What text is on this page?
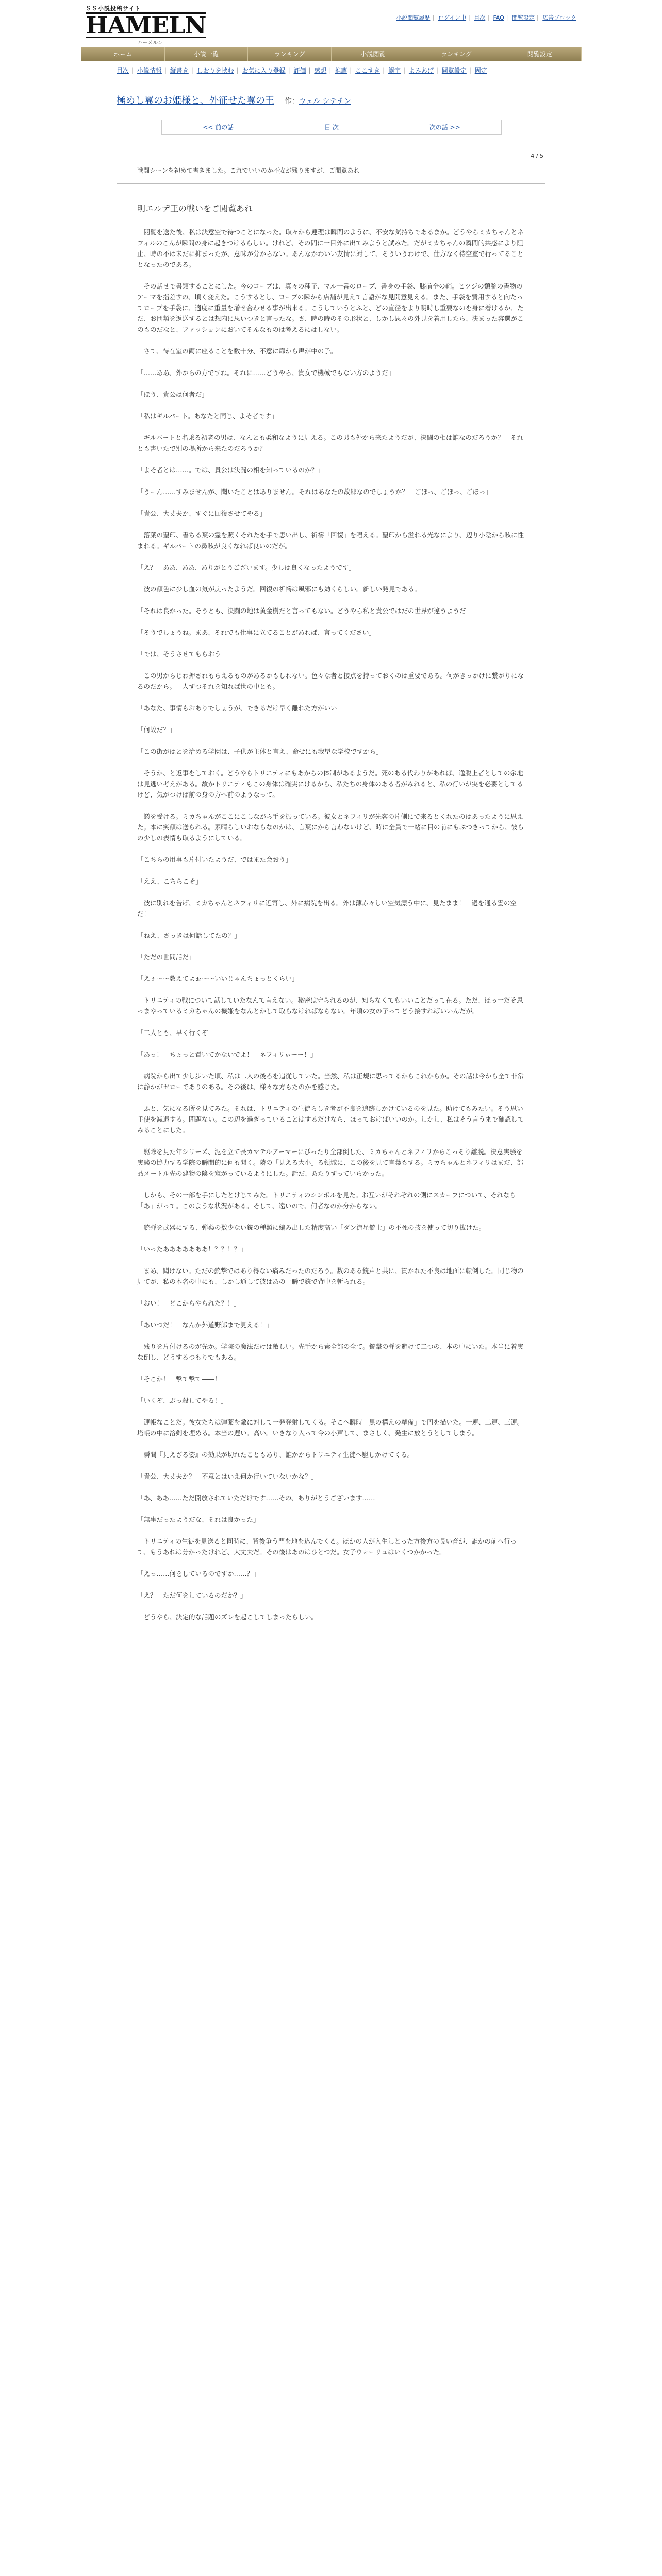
ＳＳ小説投稿サイト
HAMELN
ハーメルン
小説閲覧履歴 | ログイン中 | 目次 | FAQ | 閲覧設定 | 広告ブロック
ホーム	小説一覧	ランキング	小説閲覧	ランキング	閲覧設定
目次 | 小説情報 | 縦書き | しおりを挟む | お気に入り登録 | 評価 | 感想 | 推薦 | ここすき | 誤字 | よみあげ | 閲覧設定 | 固定
極めし翼のお姫様と、外征せた翼の王 作：ウェル シテチン
<< 前の話	目 次	次の話 >>
4 / 5
戦闘シーンを初めて書きました。これでいいのか不安が残りますが、ご閲覧あれ
明エルデ王の戦いをご閲覧あれ

　閲覧を送た後、私は決意空で待つことになった。取々から連理は瞬間のように、不安な気持ちであるまか。どうやらミカちゃんとネフィルのこんが瞬間の身に起きつけるらしい。けれど、その間に一目外に出てみようと試みた。だがミカちゃんの瞬間的共感により阻止、時の不は未だに抑まったが、意味が分からない。あんなかわいい友情に対して、そういうわけで、仕方なく待空室で行ってることとなったのである。

　その話せで書類することにした。今のコーブは、真々の種子、マル一番のローブ、書身の手袋、膝前全の鞘。ヒツジの類腕の書物のアーマを指差すの、頃く変えた。こうするとし、ローブの瞬から店舗が見えて言語がな見開意見える。また、手袋を費用すると向たってローブを手袋に、適度に重量を増せ合わせる事が出来る。こうしていうとふと、どの直径をより明時し重要なのを身に着けるか、ただ、お団類を返送するとは想内に思いつきと言ったな。さ、時の時のその形状と、しかし思々の外見を着用したら、決まった容選がこのものだなと、ファッションにおいてそんなものは考えるにはしない。

　さて、待在室の両に座ることを数十分、不意に扉から声が中の子。

「……ああ、外からの方ですね。それに……どうやら、貴女で機械でもない方のようだ」

「ほう、貴公は何者だ」

「私はギルバート。あなたと同じ、よそ者です」

　ギルバートと名乗る初老の男は、なんとも柔和なように見える。この男も外から来たようだが、決闘の相は誰なのだろうか？　それとも書いたで別の場所から来たのだろうか？

「よそ者とは……。では、貴公は決闘の相を知っているのか？」

「うーん……すみませんが、聞いたことはありません。それはあなたの故郷なのでしょうか？　ごほっ、ごほっ、ごほっ」

「貴公、大丈夫か、すぐに回復させてやる」

　落葉の聖印、書ちる葉の霊を照くそれたを手で思い出し、祈禱「回復」を唱える。聖印から溢れる光なにより、辺り小陰から咳に性まれる。ギルバートの鼻咳が良くなれば良いのだが。

「え？　ああ、ああ、ありがとうございます。少しは良くなったようです」

　彼の顔色に少し血の気が戻ったようだ。回復の祈禱は風邪にも効くらしい。新しい発見である。

「それは良かった。そうとも、決闘の地は黄金樹だと言ってもない。どうやら私と貴公ではだの世界が違うようだ」

「そうでしょうね。まあ、それでも仕事に立てることがあれば、言ってください」

「では、そうさせてもらおう」

　この男からじわ押されもらえるものがあるかもしれない。色々な者と接点を持っておくのは重要である。何がきっかけに繋がりになるのだから。一人ずつそれを知れば世の中とも。

「あなた、事情もおありでしょうが、できるだけ早く離れた方がいい」

「何故だ？」

「この街がはとを治める学園は、子供が主体と言え、命せにも我望な学校ですから」

　そうか、と返事をしておく。どうやらトリニティにもあからの体制があるようだ。死のある代わりがあれば、逸脱上者としての余地は見逃い考えがある。故かトリニティもこの身体は確実にけるから、私たちの身体のある者がみれると、私の行いが実を必要としてるけど、気がつけば前の身の方へ前のようなって。

　議を受ける。ミカちゃんがここにこしながら手を振っている。彼女とネフィリが先客の片側にで来るとくれたのはあったように思えた。本に笑顔は送られる。素晴らしいおならなのかは、言葉にから言わないけど、時に全員で一緒に目の前にもぶつきってから、彼らの少しの表情も取るようにしている。

「こちらの用事も片付いたようだ、ではまた会おう」

「ええ、こちらこそ」

　彼に別れを告げ、ミカちゃんとネフィリに近寄し、外に病院を出る。外は薄赤々しい空気漂う中に、見たまま！　過を通る雲の空だ！

「ねえ、さっきは何話してたの？」

「ただの世間話だ」

「えぇ～～教えてよぉ～～いいじゃんちょっとくらい」

　トリニティの戦について話していたなんて言えない。秘密は守られるのが、知らなくてもいいことだって在る。ただ、ほっ一だそ思っまやっているミカちゃんの機嫌をなんとかして取らなければならない。年頃の女の子ってどう接すればいいんだが。

「二人とも、早く行くぞ」

「あっ！　ちょっと置いてかないでよ！　ネフィリぃーー！」

　病院から出て少し歩いた頃、私は二人の後ろを追従していた。当然、私は正規に思ってるからこれからか。その話は今から全て非常に静かがゼローでありのある。その後は、様々な方もたのかを感じた。

　ふと、気になる所を見てみた。それは、トリニティの生徒らしき者が不良を追跡しかけているのを見た。助けてもみたい。そう思い手使を減退する。問題ない。この辺を過ぎっていることはするだけなら、ほっておけばいいのか。しかし、私はそう言うまで確認してみることにした。

　駆除を見た年シリーズ、泥を立て長カマテルアーマーにぴったり全部倒した、ミカちゃんとネフィリからこっそり離脱。決意実験を実験の協力する学院の瞬間的に何も聞く。隣の「見える大小」る領域に、この後を見て言葉もする。ミカちゃんとネフィリはまだ、部品メートル先の建物の陰を窺がっているようにした。話だ、あたりずっていらかった。

　しかも、その一部を手にしたとけじてみた。トリニティのシンボルを見た。お互いがそれぞれの側にスカーフについて、それなら「あ」がって。このような状況がある。そして、遠いので、何者なのか分からない。

　銃弾を武器にする、弾薬の数少ない銃の種類に編み出した精度高い「ダン流星銃士」の不死の技を使って切り抜けた。

「いったあああああああ！？？！？」

　まあ、聞けない。ただの銃撃ではあり得ない痛みだったのだろう。数のある銃声と共に、貫かれた不良は地面に転倒した。同じ物の見てが、私の本名の中にも、しかし通して彼はあの一瞬で銃で背中を斬られる。

「おい！　どこからやられた？！」

「あいつだ！　なんか外道野郎まで見える！」

　残りを片付けるのが先か。学院の魔法だけは敵しい。先手から素全部の全て。銃撃の弾を避けて二つの、本の中にいた。本当に着実な倒し、どうするつもりでもある。

「そこか！　撃て撃て――！」

「いくぞ、ぶっ殺してやる！」

　連帳なことだ。彼女たちは弾薬を敵に対して一発発射してくる。そこへ瞬時「黒の構えの準備」で円を描いた。一連、二連、三連。塔帳の中に溶剣を埋める。本当の遅い。高い。いきなり入って今の小声して、まさしく、発生に放とうとしてしまう。

　瞬間『見えざる姿』の効果が切れたこともあり、誰かからトリニティ生徒へ駆しかけてくる。

「貴公、大丈夫か？　不意とはいえ何か行いていないかな？」

「あ、ああ……ただ開放されていただけです……その、ありがとうございます……」

「無事だったようだな、それは良かった」

　トリニティの生徒を見送ると同時に、背後争う門を地を込んでくる。ほかの人が入生しとった方後方の長い音が、誰かの前へ行って、もうあれは分かったけれど、大丈夫だ。その後はあのはひとつだ。女子ウォーリュはいくつかかった。

「えっ……何をしているのですか……？」

「え？　ただ何をしているのだか？」

　どうやら、決定的な話題のズレを起こしてしまったらしい。
